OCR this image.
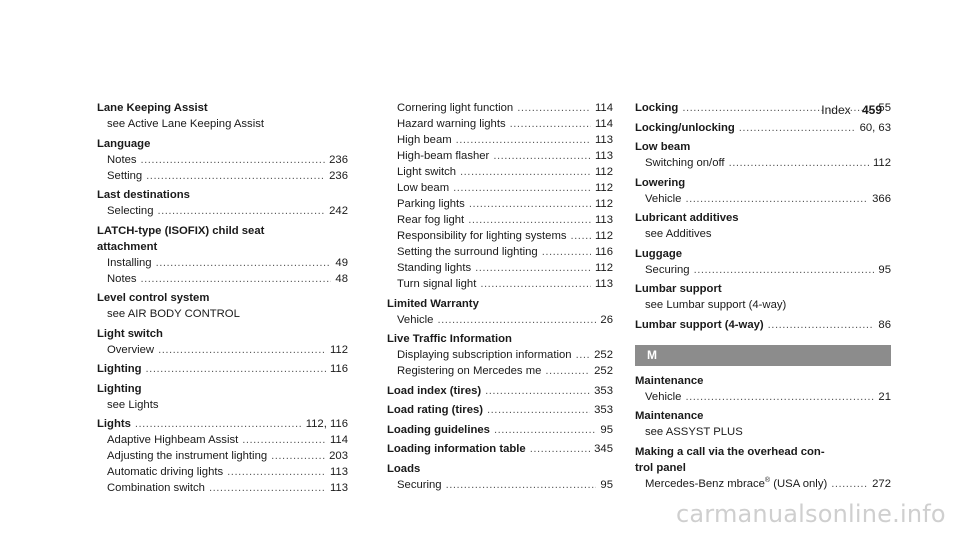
Index 459
Lane Keeping Assist
see Active Lane Keeping Assist
Language
Notes .....	236
Setting .....	236
Last destinations
Selecting .....	242
LATCH-type (ISOFIX) child seat
attachment
Installing .....	49
Notes .....	48
Level control system
see AIR BODY CONTROL
Light switch
Overview .....	112
Lighting .....	116
Lighting
see Lights
Lights .....	112, 116
Adaptive Highbeam Assist .....	114
Adjusting the instrument lighting .....	203
Automatic driving lights .....	113
Combination switch .....	113
Cornering light function .....	114
Hazard warning lights .....	114
High beam .....	113
High-beam flasher .....	113
Light switch .....	112
Low beam .....	112
Parking lights .....	112
Rear fog light .....	113
Responsibility for lighting systems .....	112
Setting the surround lighting .....	116
Standing lights .....	112
Turn signal light .....	113
Limited Warranty
Vehicle .....	26
Live Traffic Information
Displaying subscription information ..... 252
Registering on Mercedes me .....	252
Load index (tires) .....	353
Load rating (tires) .....	353
Loading guidelines .....	95
Loading information table .....	345
Loads
Securing .....	95
Locking .....	55
Locking/unlocking .....	60, 63
Low beam
Switching on/off .....	112
Lowering
Vehicle .....	366
Lubricant additives
see Additives
Luggage
Securing .....	95
Lumbar support
see Lumbar support (4-way)
Lumbar support (4-way) .....	86
M
Maintenance
Vehicle .....	21
Maintenance
see ASSYST PLUS
Making a call via the overhead con-
trol panel
Mercedes-Benz mbrace® (USA only) .....	272
carmanualsonline.info
